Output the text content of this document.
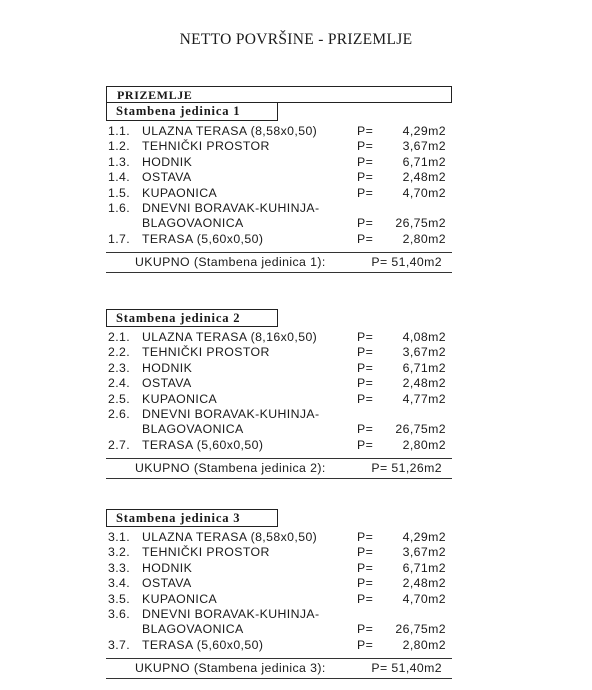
NETTO POVRŠINE - PRIZEMLJE
PRIZEMLJE
Stambena jedinica 1
1.1. ULAZNA TERASA (8,58x0,50)	P= 4,29m2
1.2. TEHNIČKI PROSTOR	P= 3,67m2
1.3. HODNIK	P= 6,71m2
1.4. OSTAVA	P= 2,48m2
1.5. KUPAONICA	P= 4,70m2
1.6. DNEVNI BORAVAK-KUHINJA-
BLAGOVAONICA	P= 26,75m2
1.7. TERASA (5,60x0,50)	P= 2,80m2
UKUPNO (Stambena jedinica 1):	P= 51,40m2
Stambena jedinica 2
2.1. ULAZNA TERASA (8,16x0,50)	P= 4,08m2
2.2. TEHNIČKI PROSTOR	P= 3,67m2
2.3. HODNIK	P= 6,71m2
2.4. OSTAVA	P= 2,48m2
2.5. KUPAONICA	P= 4,77m2
2.6. DNEVNI BORAVAK-KUHINJA-
BLAGOVAONICA	P= 26,75m2
2.7. TERASA (5,60x0,50)	P= 2,80m2
UKUPNO (Stambena jedinica 2):	P= 51,26m2
Stambena jedinica 3
3.1. ULAZNA TERASA (8,58x0,50)	P= 4,29m2
3.2. TEHNIČKI PROSTOR	P= 3,67m2
3.3. HODNIK	P= 6,71m2
3.4. OSTAVA	P= 2,48m2
3.5. KUPAONICA	P= 4,70m2
3.6. DNEVNI BORAVAK-KUHINJA-
BLAGOVAONICA	P= 26,75m2
3.7. TERASA (5,60x0,50)	P= 2,80m2
UKUPNO (Stambena jedinica 3):	P= 51,40m2
